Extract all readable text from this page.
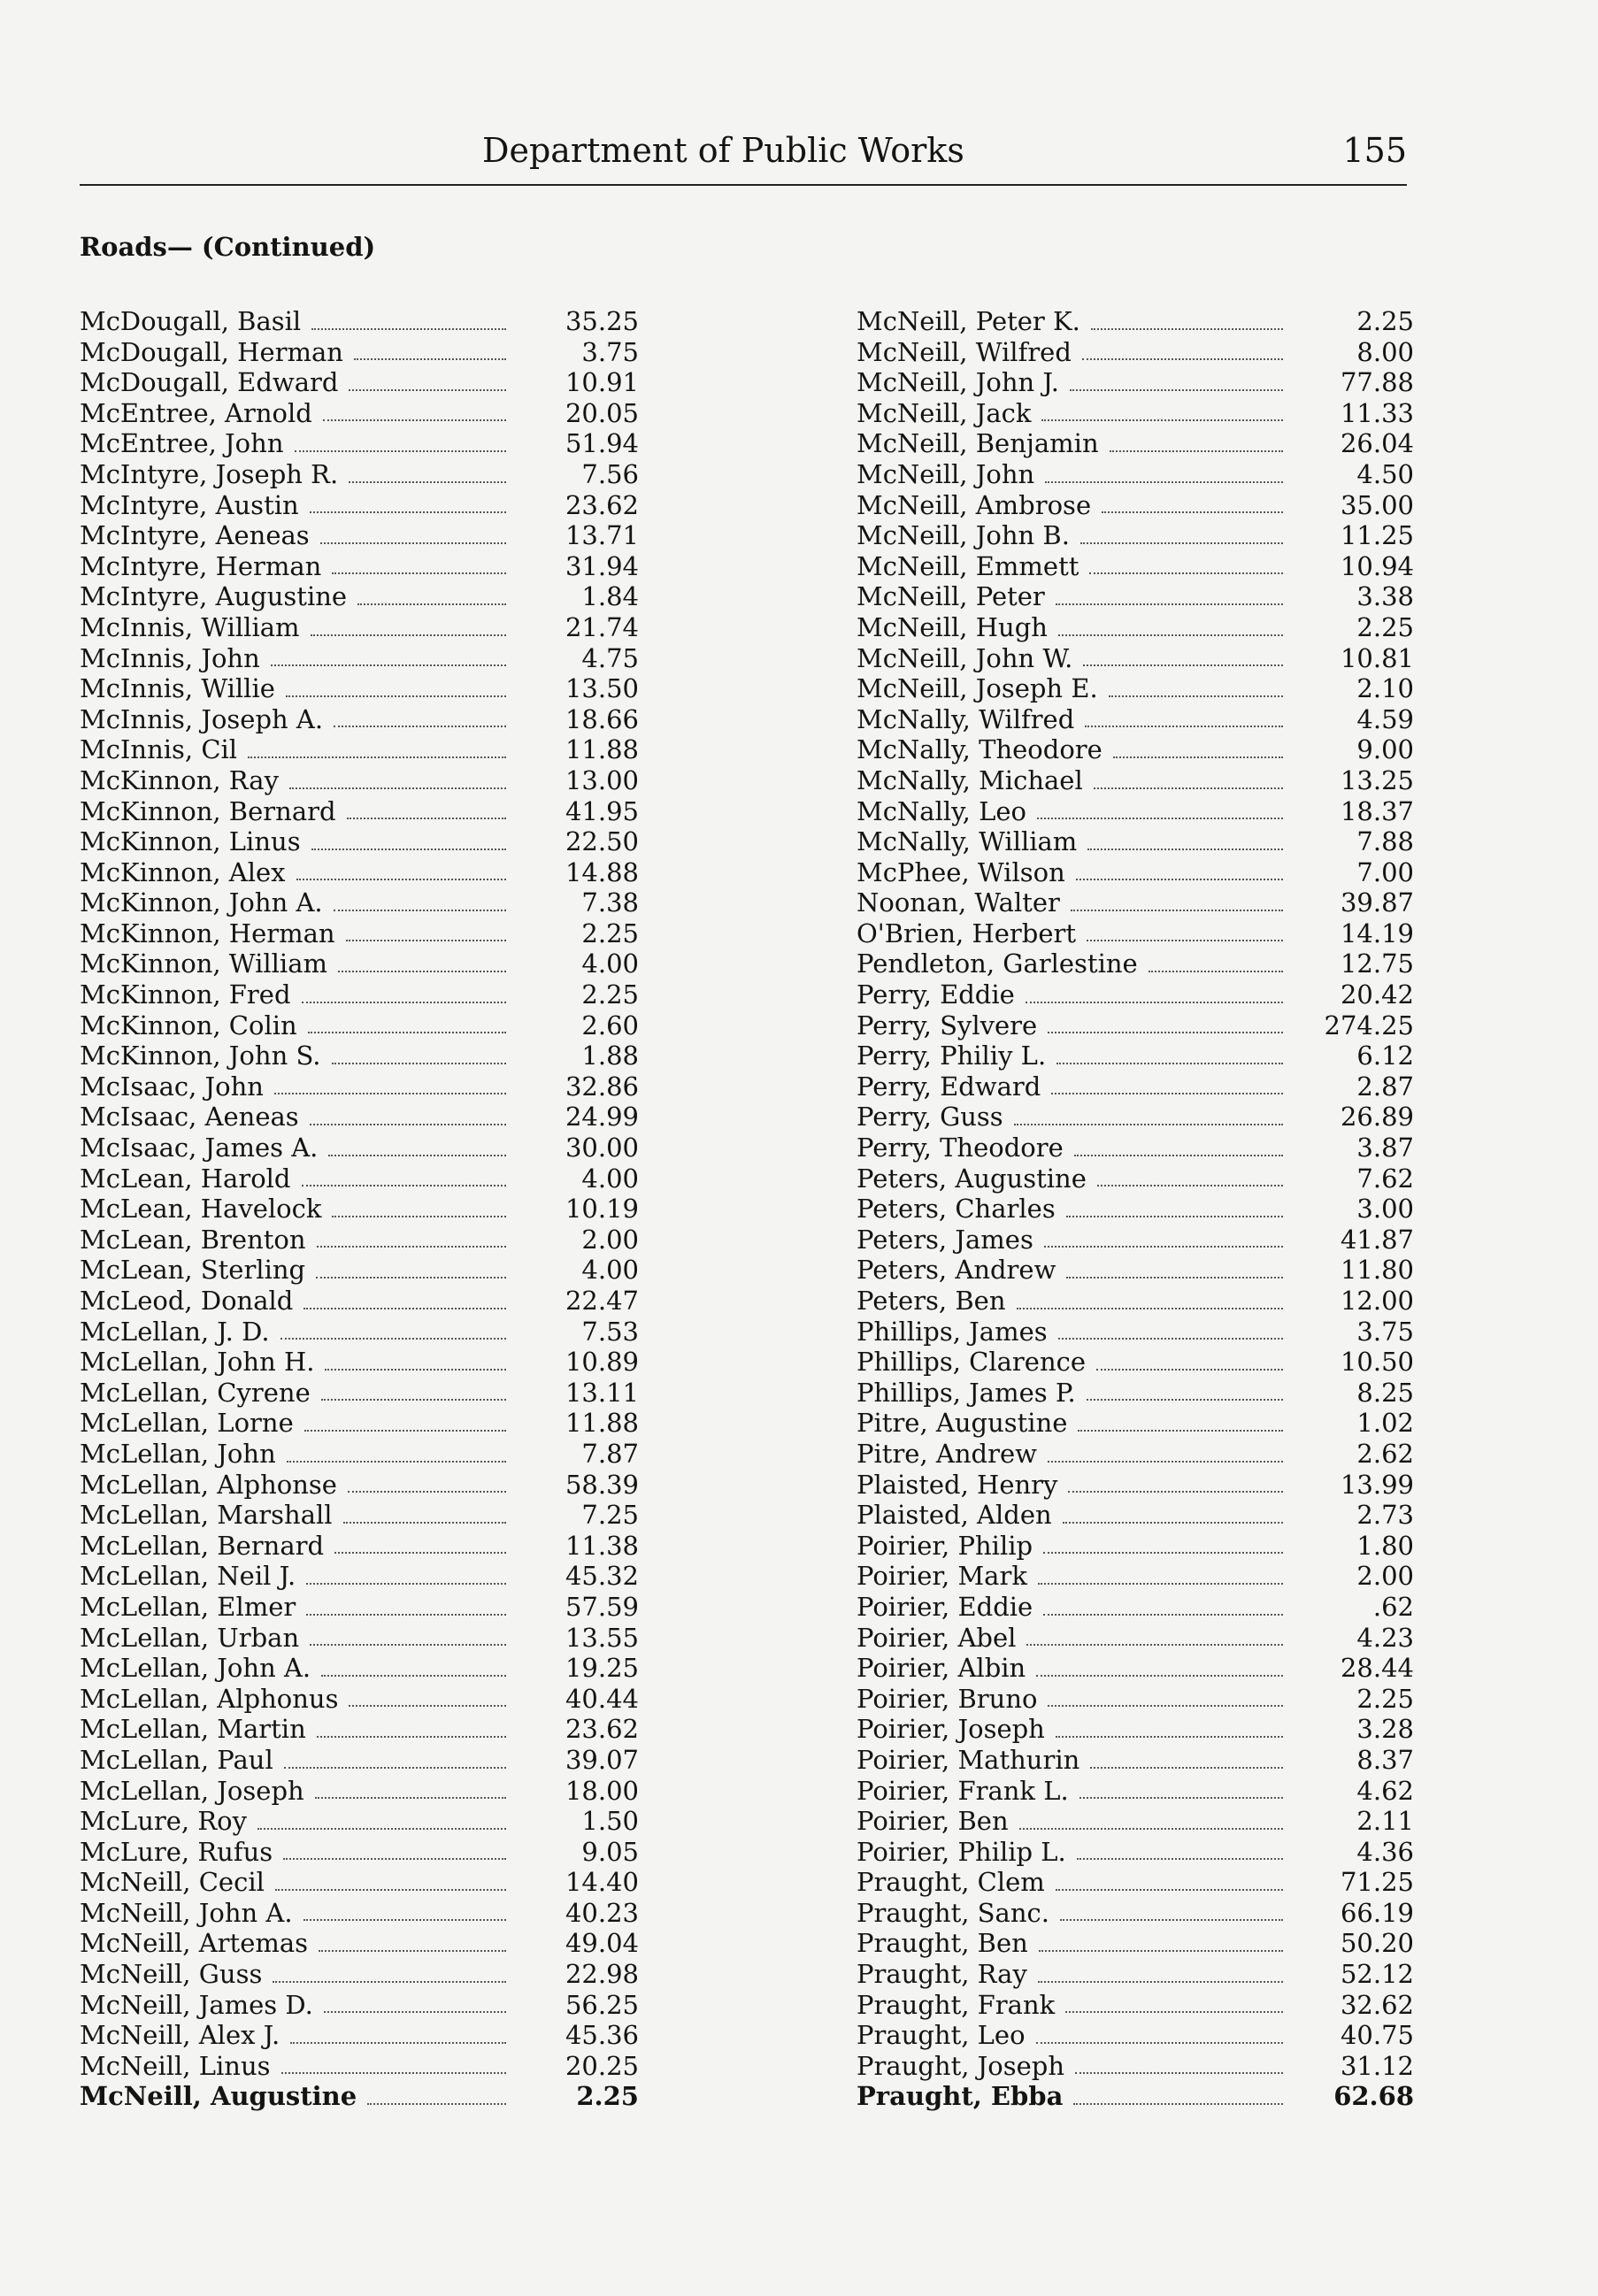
Department of Public Works	155
Roads— (Continued)
McDougall, Basil	35.25
McDougall, Herman	3.75
McDougall, Edward	10.91
McEntree, Arnold	20.05
McEntree, John	51.94
McIntyre, Joseph R.	7.56
McIntyre, Austin	23.62
McIntyre, Aeneas	13.71
McIntyre, Herman	31.94
McIntyre, Augustine	1.84
McInnis, William	21.74
McInnis, John	4.75
McInnis, Willie	13.50
McInnis, Joseph A.	18.66
McInnis, Cil	11.88
McKinnon, Ray	13.00
McKinnon, Bernard	41.95
McKinnon, Linus	22.50
McKinnon, Alex	14.88
McKinnon, John A.	7.38
McKinnon, Herman	2.25
McKinnon, William	4.00
McKinnon, Fred	2.25
McKinnon, Colin	2.60
McKinnon, John S.	1.88
McIsaac, John	32.86
McIsaac, Aeneas	24.99
McIsaac, James A.	30.00
McLean, Harold	4.00
McLean, Havelock	10.19
McLean, Brenton	2.00
McLean, Sterling	4.00
McLeod, Donald	22.47
McLellan, J. D.	7.53
McLellan, John H.	10.89
McLellan, Cyrene	13.11
McLellan, Lorne	11.88
McLellan, John	7.87
McLellan, Alphonse	58.39
McLellan, Marshall	7.25
McLellan, Bernard	11.38
McLellan, Neil J.	45.32
McLellan, Elmer	57.59
McLellan, Urban	13.55
McLellan, John A.	19.25
McLellan, Alphonus	40.44
McLellan, Martin	23.62
McLellan, Paul	39.07
McLellan, Joseph	18.00
McLure, Roy	1.50
McLure, Rufus	9.05
McNeill, Cecil	14.40
McNeill, John A.	40.23
McNeill, Artemas	49.04
McNeill, Guss	22.98
McNeill, James D.	56.25
McNeill, Alex J.	45.36
McNeill, Linus	20.25
McNeill, Augustine	2.25
McNeill, Peter K.	2.25
McNeill, Wilfred	8.00
McNeill, John J.	77.88
McNeill, Jack	11.33
McNeill, Benjamin	26.04
McNeill, John	4.50
McNeill, Ambrose	35.00
McNeill, John B.	11.25
McNeill, Emmett	10.94
McNeill, Peter	3.38
McNeill, Hugh	2.25
McNeill, John W.	10.81
McNeill, Joseph E.	2.10
McNally, Wilfred	4.59
McNally, Theodore	9.00
McNally, Michael	13.25
McNally, Leo	18.37
McNally, William	7.88
McPhee, Wilson	7.00
Noonan, Walter	39.87
O'Brien, Herbert	14.19
Pendleton, Garlestine	12.75
Perry, Eddie	20.42
Perry, Sylvere	274.25
Perry, Philiy L.	6.12
Perry, Edward	2.87
Perry, Guss	26.89
Perry, Theodore	3.87
Peters, Augustine	7.62
Peters, Charles	3.00
Peters, James	41.87
Peters, Andrew	11.80
Peters, Ben	12.00
Phillips, James	3.75
Phillips, Clarence	10.50
Phillips, James P.	8.25
Pitre, Augustine	1.02
Pitre, Andrew	2.62
Plaisted, Henry	13.99
Plaisted, Alden	2.73
Poirier, Philip	1.80
Poirier, Mark	2.00
Poirier, Eddie	.62
Poirier, Abel	4.23
Poirier, Albin	28.44
Poirier, Bruno	2.25
Poirier, Joseph	3.28
Poirier, Mathurin	8.37
Poirier, Frank L.	4.62
Poirier, Ben	2.11
Poirier, Philip L.	4.36
Praught, Clem	71.25
Praught, Sanc.	66.19
Praught, Ben	50.20
Praught, Ray	52.12
Praught, Frank	32.62
Praught, Leo	40.75
Praught, Joseph	31.12
Praught, Ebba	62.68
